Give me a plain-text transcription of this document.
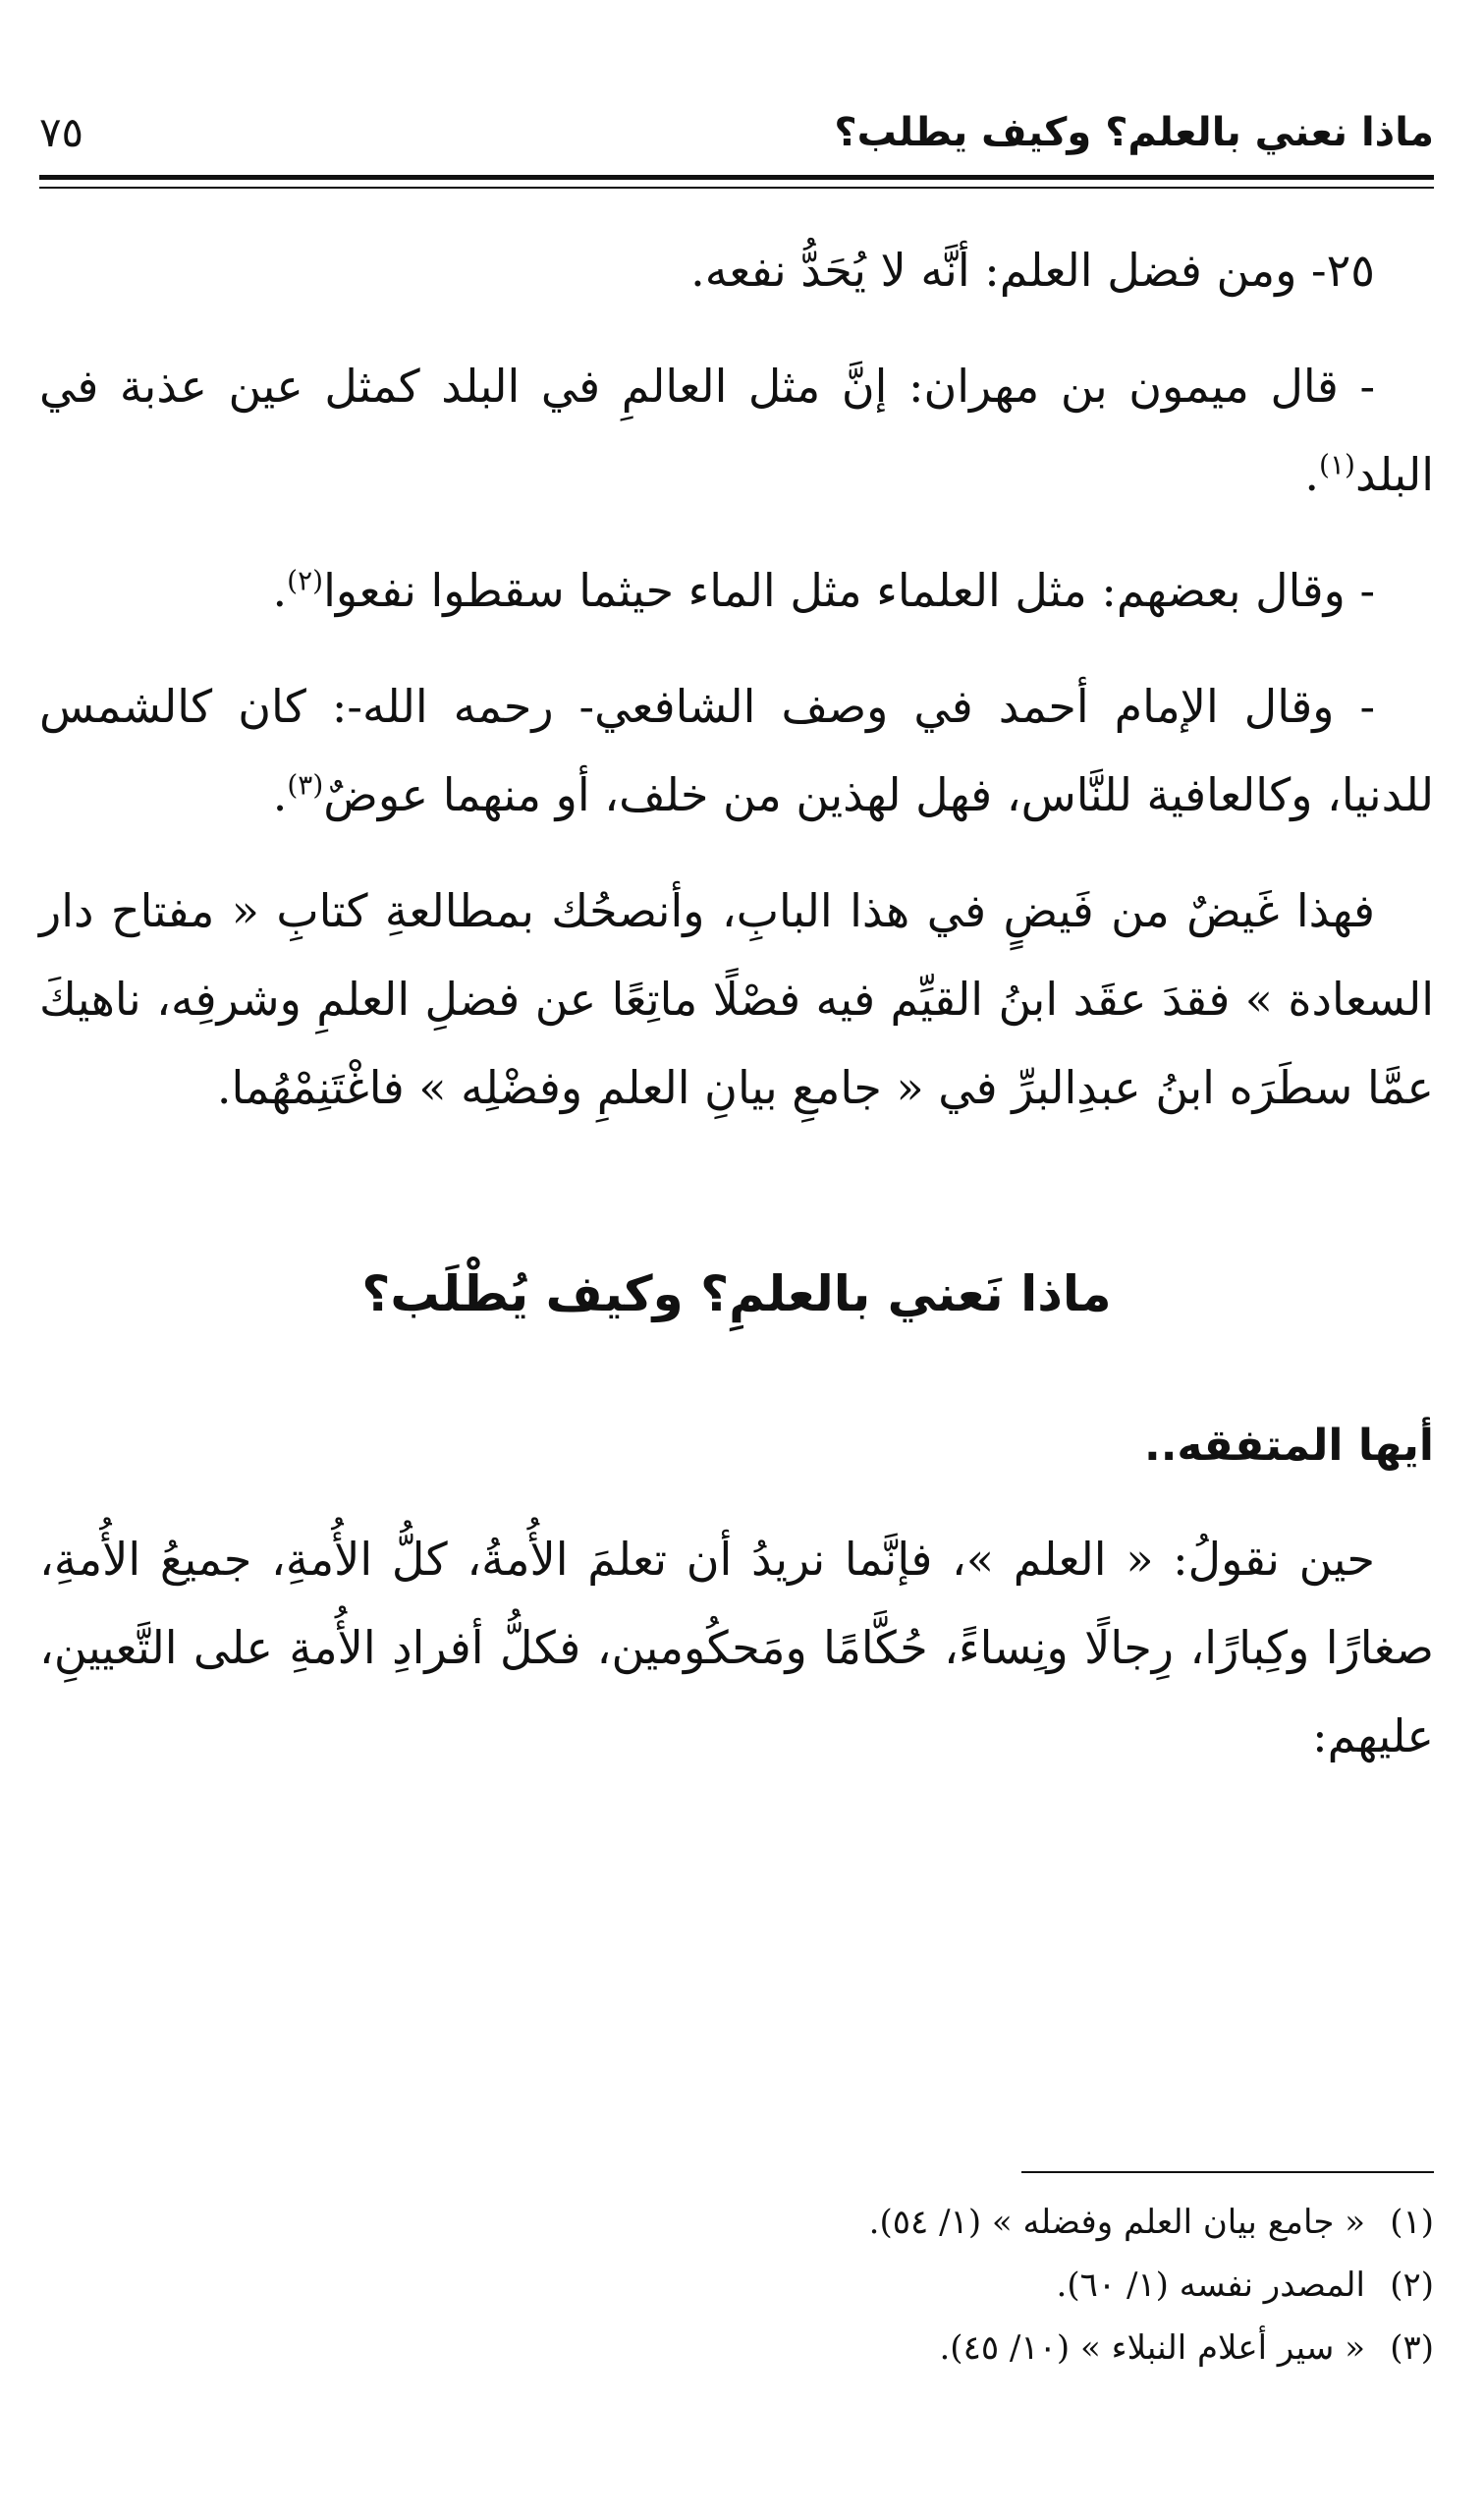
ماذا نعني بالعلم؟ وكيف يطلب؟
٧٥

٢٥- ومن فضل العلم: أنَّه لا يُحَدُّ نفعه.

- قال ميمون بن مهران: إنَّ مثل العالمِ في البلد كمثل عين عذبة في البلد$^{(١)}$.

- وقال بعضهم: مثل العلماء مثل الماء حيثما سقطوا نفعوا$^{(٢)}$.

- وقال الإمام أحمد في وصف الشافعي- رحمه الله-: كان كالشمس للدنيا، وكالعافية للنَّاس، فهل لهذين من خلف، أو منهما عوضٌ$^{(٣)}$.

فهذا غَيضٌ من فَيضٍ في هذا البابِ، وأنصحُك بمطالعةِ كتابِ « مفتاح دار السعادة » فقدَ عقَد ابنُ القيِّم فيه فصْلًا ماتِعًا عن فضلِ العلمِ وشرفِه، ناهيكَ عمَّا سطَرَه ابنُ عبدِالبرِّ في « جامعِ بيانِ العلمِ وفضْلِه » فاغْتَنِمْهُما.

ماذا نَعني بالعلمِ؟ وكيف يُطْلَب؟
أيها المتفقه..

حين نقولُ: « العلم »، فإنَّما نريدُ أن تعلمَ الأُمةُ، كلُّ الأُمةِ، جميعُ الأُمةِ، صغارًا وكِبارًا، رِجالًا ونِساءً، حُكَّامًا ومَحكُومين، فكلُّ أفرادِ الأُمةِ على التَّعيينِ، عليهم:

(١)« جامع بيان العلم وفضله » (١/ ٥٤).

(٢)المصدر نفسه (١/ ٦٠).

(٣)« سير أعلام النبلاء » (١٠/ ٤٥).
